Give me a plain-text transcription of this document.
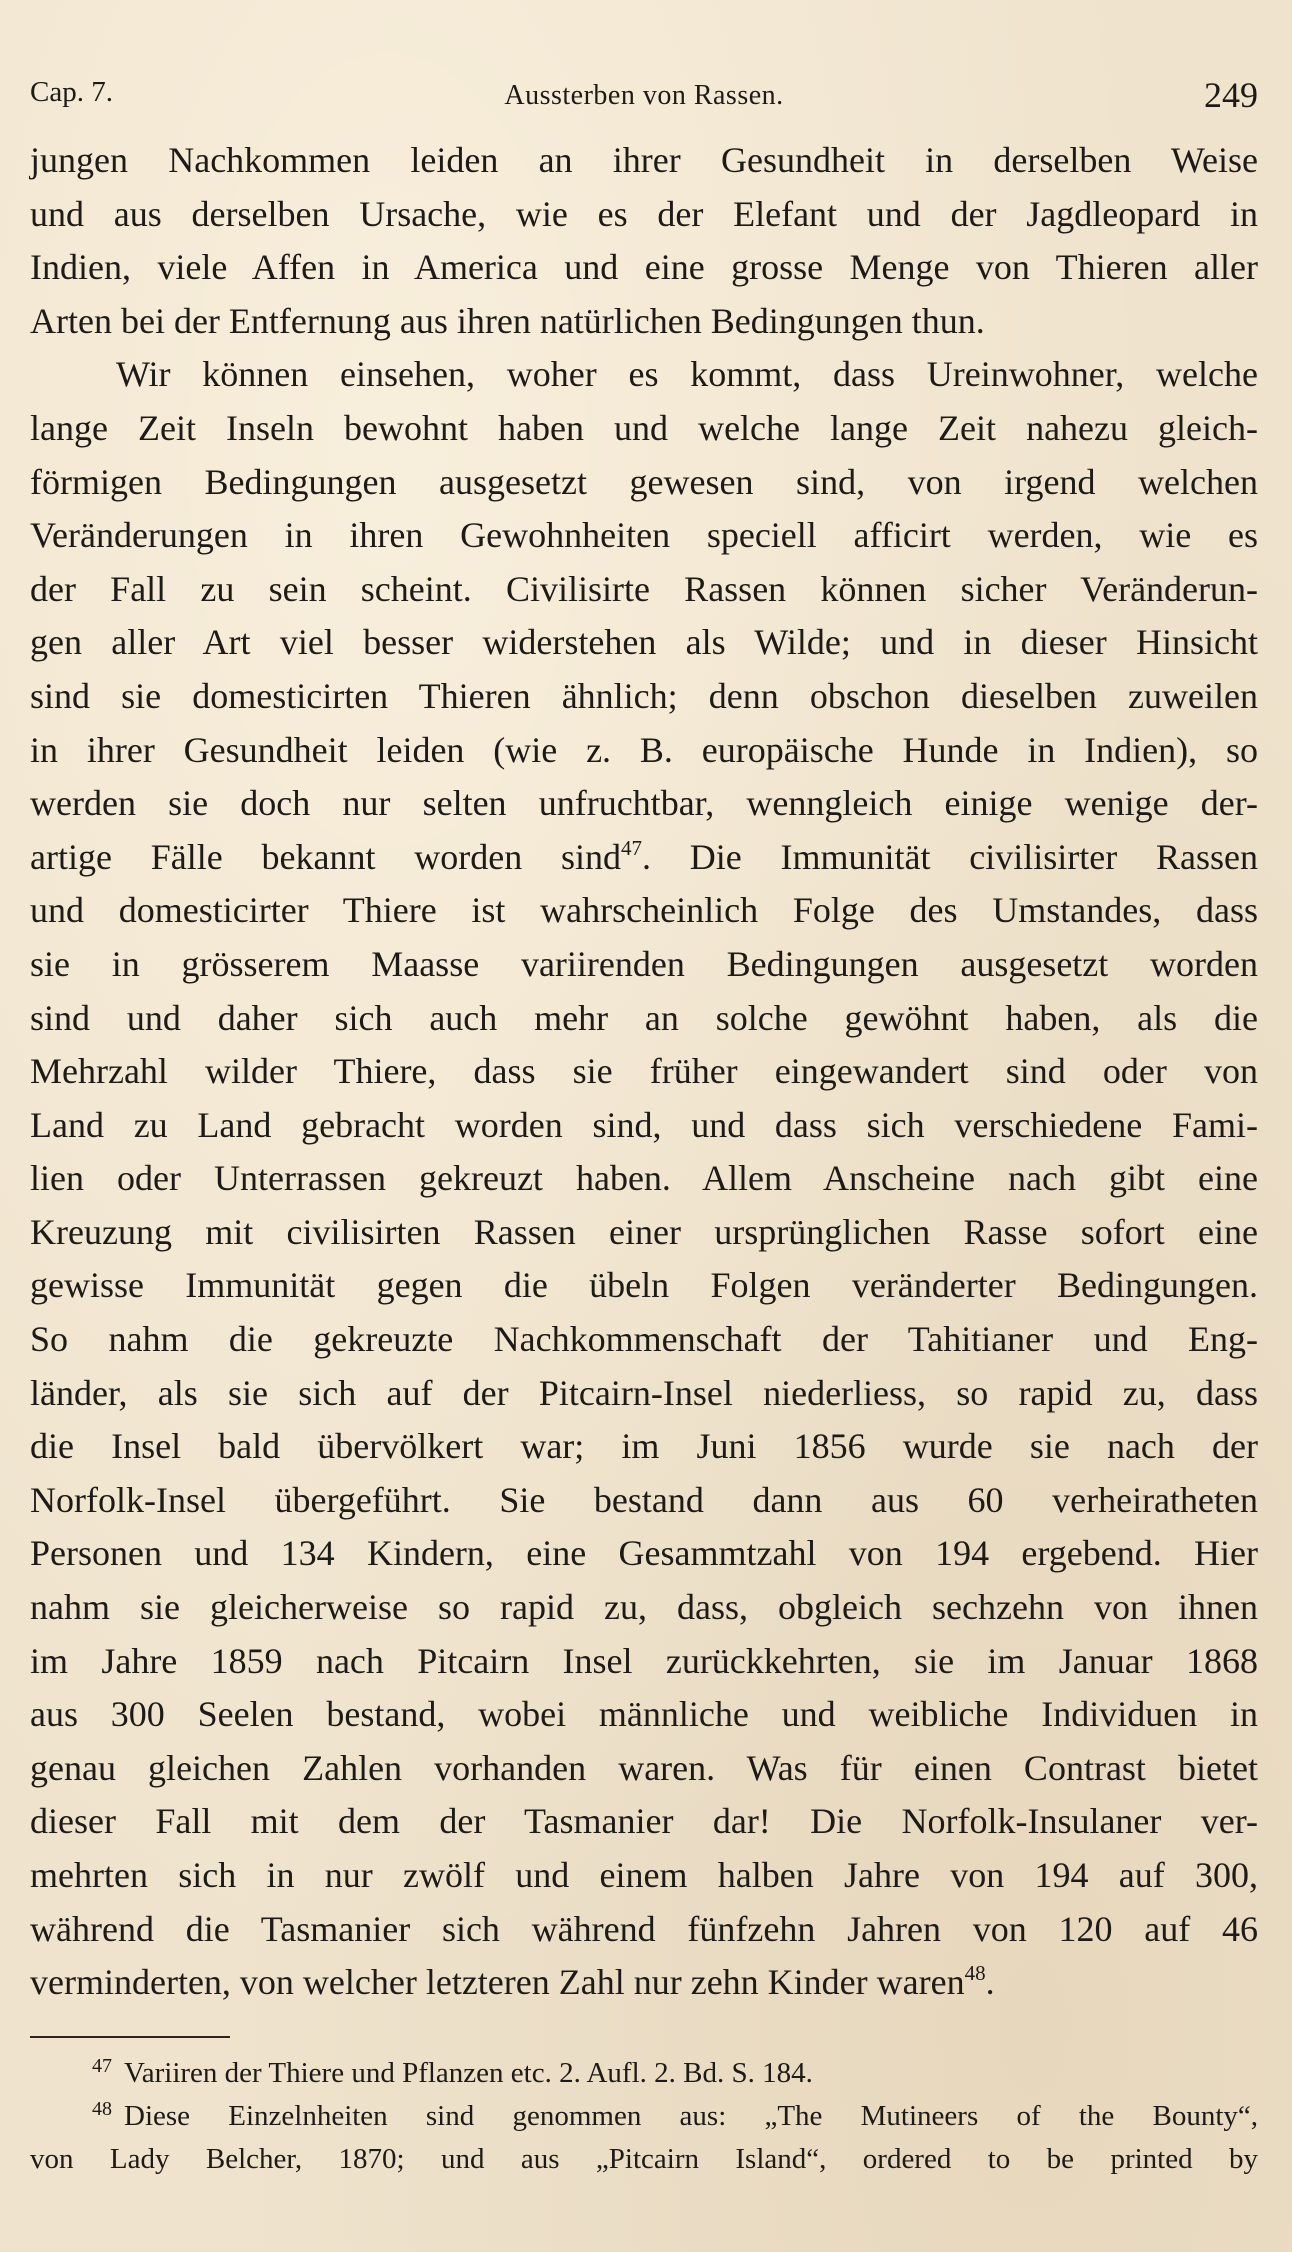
Cap. 7.	Aussterben von Rassen.	249
jungen Nachkommen leiden an ihrer Gesundheit in derselben Weise
und aus derselben Ursache, wie es der Elefant und der Jagdleopard in
Indien, viele Affen in America und eine grosse Menge von Thieren aller
Arten bei der Entfernung aus ihren natürlichen Bedingungen thun.
Wir können einsehen, woher es kommt, dass Ureinwohner, welche
lange Zeit Inseln bewohnt haben und welche lange Zeit nahezu gleich-
förmigen Bedingungen ausgesetzt gewesen sind, von irgend welchen
Veränderungen in ihren Gewohnheiten speciell afficirt werden, wie es
der Fall zu sein scheint. Civilisirte Rassen können sicher Veränderun-
gen aller Art viel besser widerstehen als Wilde; und in dieser Hinsicht
sind sie domesticirten Thieren ähnlich; denn obschon dieselben zuweilen
in ihrer Gesundheit leiden (wie z. B. europäische Hunde in Indien), so
werden sie doch nur selten unfruchtbar, wenngleich einige wenige der-
artige Fälle bekannt worden sind$^{47}$. Die Immunität civilisirter Rassen
und domesticirter Thiere ist wahrscheinlich Folge des Umstandes, dass
sie in grösserem Maasse variirenden Bedingungen ausgesetzt worden
sind und daher sich auch mehr an solche gewöhnt haben, als die
Mehrzahl wilder Thiere, dass sie früher eingewandert sind oder von
Land zu Land gebracht worden sind, und dass sich verschiedene Fami-
lien oder Unterrassen gekreuzt haben. Allem Anscheine nach gibt eine
Kreuzung mit civilisirten Rassen einer ursprünglichen Rasse sofort eine
gewisse Immunität gegen die übeln Folgen veränderter Bedingungen.
So nahm die gekreuzte Nachkommenschaft der Tahitianer und Eng-
länder, als sie sich auf der Pitcairn-Insel niederliess, so rapid zu, dass
die Insel bald übervölkert war; im Juni 1856 wurde sie nach der
Norfolk-Insel übergeführt. Sie bestand dann aus 60 verheiratheten
Personen und 134 Kindern, eine Gesammtzahl von 194 ergebend. Hier
nahm sie gleicherweise so rapid zu, dass, obgleich sechzehn von ihnen
im Jahre 1859 nach Pitcairn Insel zurückkehrten, sie im Januar 1868
aus 300 Seelen bestand, wobei männliche und weibliche Individuen in
genau gleichen Zahlen vorhanden waren. Was für einen Contrast bietet
dieser Fall mit dem der Tasmanier dar! Die Norfolk-Insulaner ver-
mehrten sich in nur zwölf und einem halben Jahre von 194 auf 300,
während die Tasmanier sich während fünfzehn Jahren von 120 auf 46
verminderten, von welcher letzteren Zahl nur zehn Kinder waren$^{48}$.
$^{47}$ Variiren der Thiere und Pflanzen etc. 2. Aufl. 2. Bd. S. 184.
$^{48}$ Diese Einzelnheiten sind genommen aus: „The Mutineers of the Bounty“,
von Lady Belcher, 1870; und aus „Pitcairn Island“, ordered to be printed by
